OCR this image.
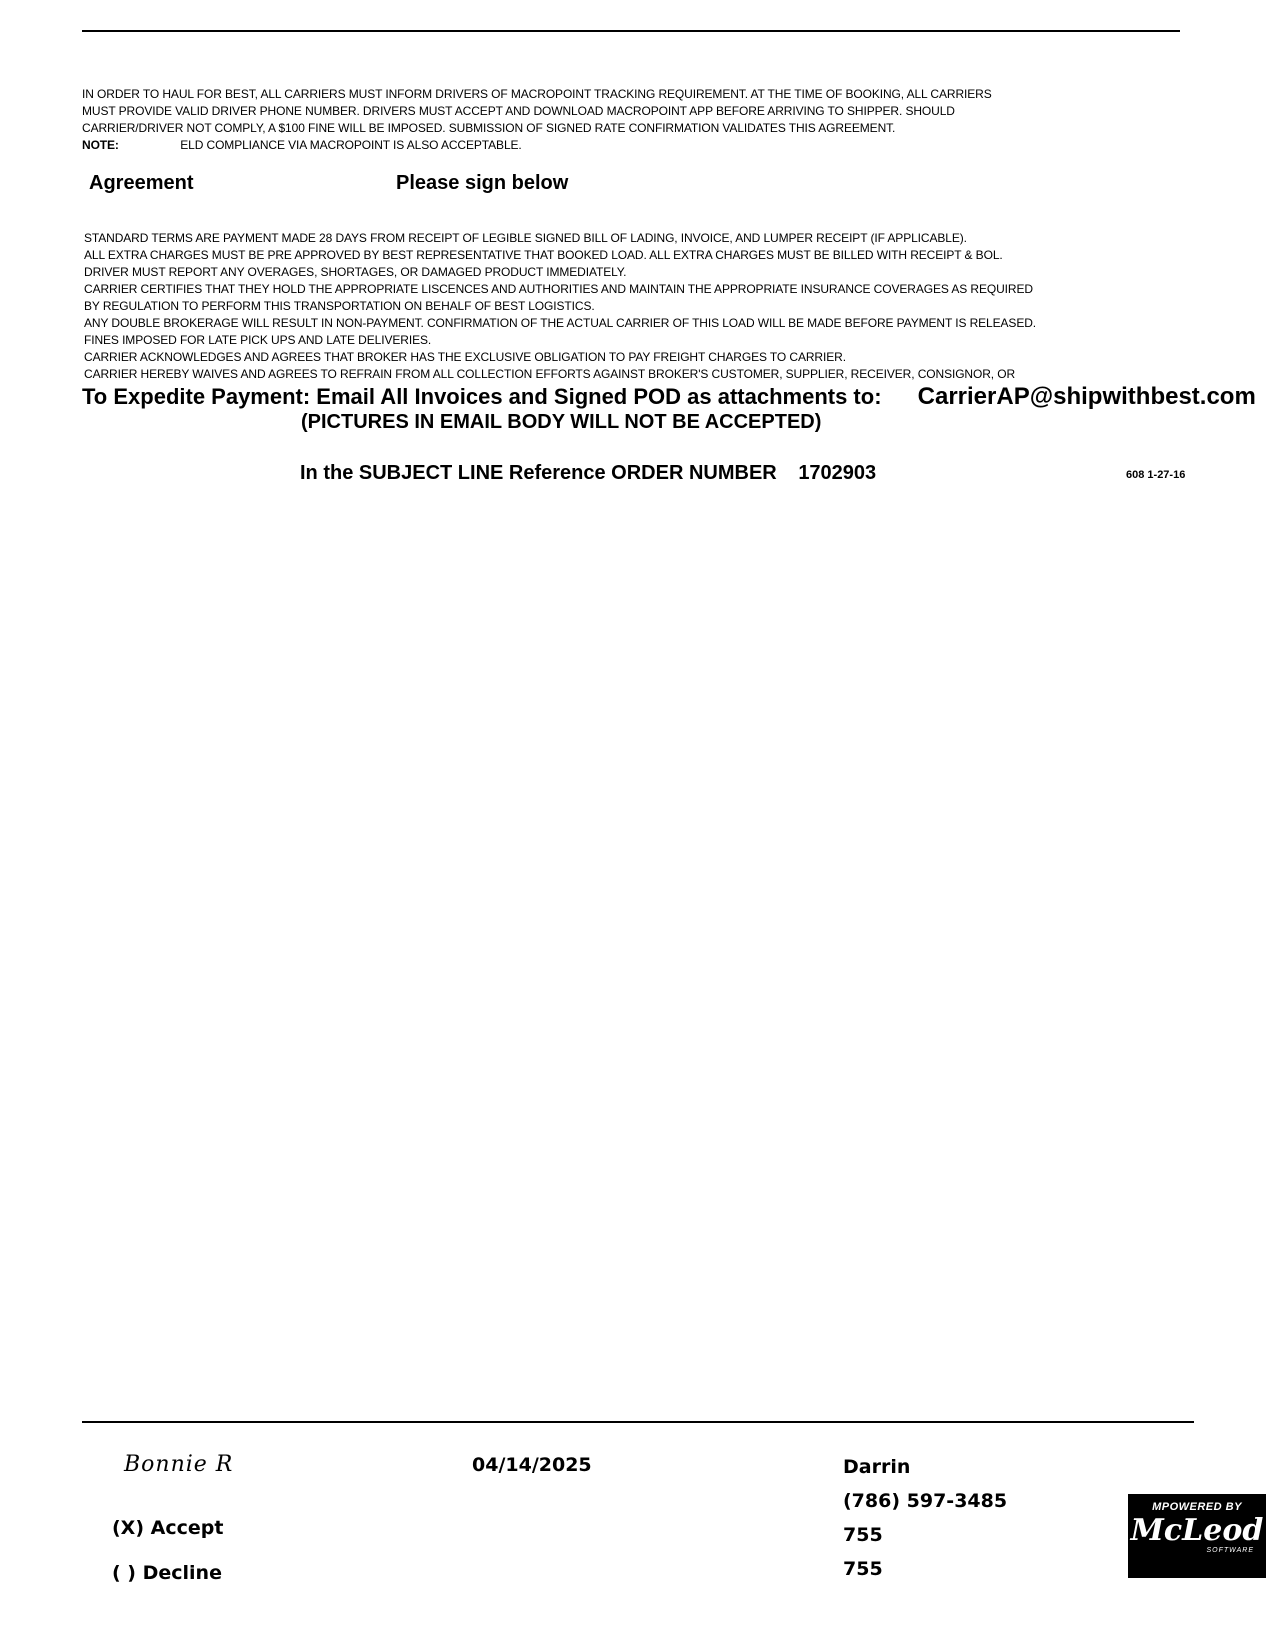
IN ORDER TO HAUL FOR BEST, ALL CARRIERS MUST INFORM DRIVERS OF MACROPOINT TRACKING REQUIREMENT. AT THE TIME OF BOOKING, ALL CARRIERS
MUST PROVIDE VALID DRIVER PHONE NUMBER. DRIVERS MUST ACCEPT AND DOWNLOAD MACROPOINT APP BEFORE ARRIVING TO SHIPPER. SHOULD
CARRIER/DRIVER NOT COMPLY, A $100 FINE WILL BE IMPOSED. SUBMISSION OF SIGNED RATE CONFIRMATION VALIDATES THIS AGREEMENT.
NOTE:	ELD COMPLIANCE VIA MACROPOINT IS ALSO ACCEPTABLE.
Agreement	Please sign below
STANDARD TERMS ARE PAYMENT MADE 28 DAYS FROM RECEIPT OF LEGIBLE SIGNED BILL OF LADING, INVOICE, AND LUMPER RECEIPT (IF APPLICABLE).
ALL EXTRA CHARGES MUST BE PRE APPROVED BY BEST REPRESENTATIVE THAT BOOKED LOAD. ALL EXTRA CHARGES MUST BE BILLED WITH RECEIPT & BOL.
DRIVER MUST REPORT ANY OVERAGES, SHORTAGES, OR DAMAGED PRODUCT IMMEDIATELY.
CARRIER CERTIFIES THAT THEY HOLD THE APPROPRIATE LISCENCES AND AUTHORITIES AND MAINTAIN THE APPROPRIATE INSURANCE COVERAGES AS REQUIRED
BY REGULATION TO PERFORM THIS TRANSPORTATION ON BEHALF OF BEST LOGISTICS.
ANY DOUBLE BROKERAGE WILL RESULT IN NON-PAYMENT. CONFIRMATION OF THE ACTUAL CARRIER OF THIS LOAD WILL BE MADE BEFORE PAYMENT IS RELEASED.
FINES IMPOSED FOR LATE PICK UPS AND LATE DELIVERIES.
CARRIER ACKNOWLEDGES AND AGREES THAT BROKER HAS THE EXCLUSIVE OBLIGATION TO PAY FREIGHT CHARGES TO CARRIER.
CARRIER HEREBY WAIVES AND AGREES TO REFRAIN FROM ALL COLLECTION EFFORTS AGAINST BROKER'S CUSTOMER, SUPPLIER, RECEIVER, CONSIGNOR, OR
To Expedite Payment: Email All Invoices and Signed POD as attachments to: CarrierAP@shipwithbest.com
(PICTURES IN EMAIL BODY WILL NOT BE ACCEPTED)
In the SUBJECT LINE Reference ORDER NUMBER 1702903	608 1-27-16
Bonnie R
(X) Accept
( ) Decline
04/14/2025	Darrin
(786) 597-3485
755
755
MPOWERED BY
McLeod
SOFTWARE
